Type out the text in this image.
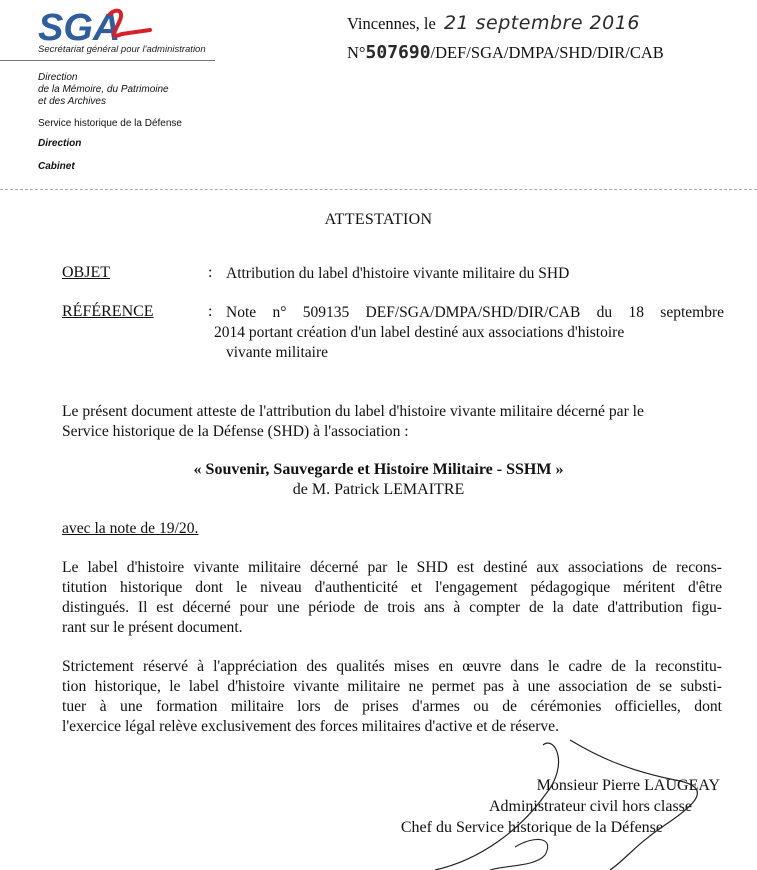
SGA
Secrétariat général pour l'administration
Direction
de la Mémoire, du Patrimoine
et des Archives
Service historique de la Défense
Direction
Cabinet
Vincennes, le 21 septembre 2016
N°507690/DEF/SGA/DMPA/SHD/DIR/CAB
ATTESTATION
OBJET	: Attribution du label d'histoire vivante militaire du SHD
RÉFÉRENCE	: Note n° 509135 DEF/SGA/DMPA/SHD/DIR/CAB du 18 septembre
2014 portant création d'un label destiné aux associations d'histoire
vivante militaire
Le présent document atteste de l'attribution du label d'histoire vivante militaire décerné par le
Service historique de la Défense (SHD) à l'association :
« Souvenir, Sauvegarde et Histoire Militaire - SSHM »
de M. Patrick LEMAITRE
avec la note de 19/20.
Le label d'histoire vivante militaire décerné par le SHD est destiné aux associations de recons-
titution historique dont le niveau d'authenticité et l'engagement pédagogique méritent d'être
distingués. Il est décerné pour une période de trois ans à compter de la date d'attribution figu-
rant sur le présent document.
Strictement réservé à l'appréciation des qualités mises en œuvre dans le cadre de la reconstitu-
tion historique, le label d'histoire vivante militaire ne permet pas à une association de se substi-
tuer à une formation militaire lors de prises d'armes ou de cérémonies officielles, dont
l'exercice légal relève exclusivement des forces militaires d'active et de réserve.
Monsieur Pierre LAUGEAY
Administrateur civil hors classe
Chef du Service historique de la Défense
